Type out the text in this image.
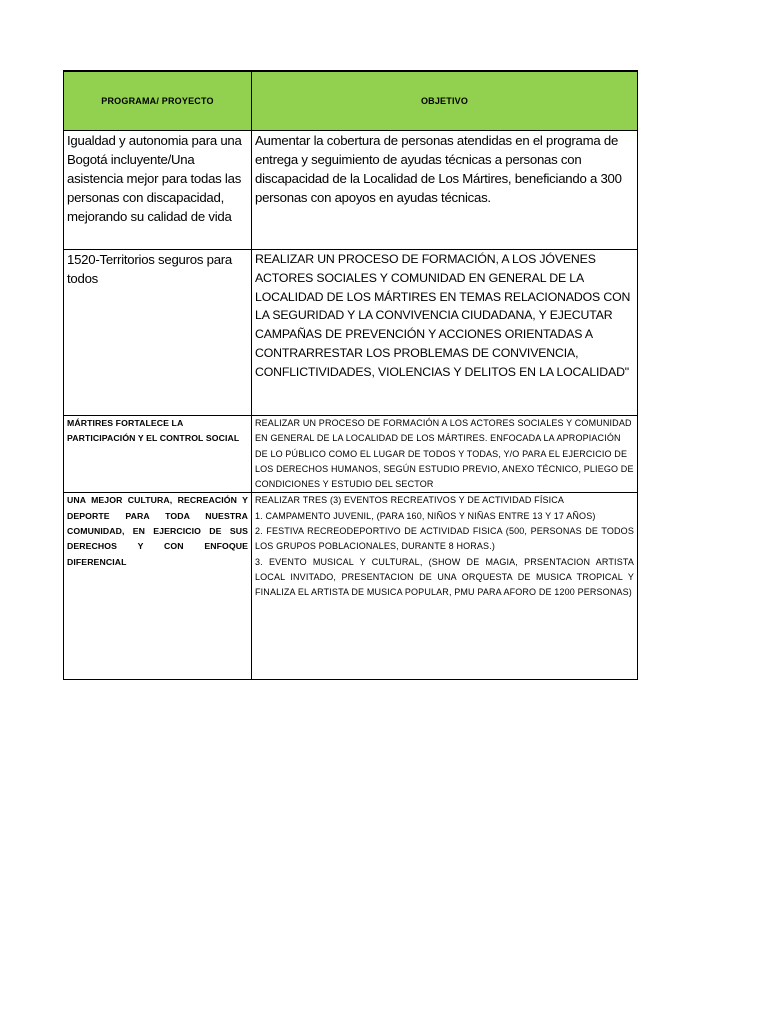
PROGRAMA/ PROYECTO	OBJETIVO
Igualdad y autonomia para una Bogotá incluyente/Una asistencia mejor para todas las personas con discapacidad, mejorando su calidad de vida	Aumentar la cobertura de personas atendidas en el programa de entrega y seguimiento de ayudas técnicas a personas con discapacidad de la Localidad de Los Mártires, beneficiando a 300 personas con apoyos en ayudas técnicas.
1520-Territorios seguros para todos	REALIZAR UN PROCESO DE FORMACIÓN, A LOS JÓVENES ACTORES SOCIALES Y COMUNIDAD EN GENERAL DE LA LOCALIDAD DE LOS MÁRTIRES EN TEMAS RELACIONADOS CON LA SEGURIDAD Y LA CONVIVENCIA CIUDADANA, Y EJECUTAR CAMPAÑAS DE PREVENCIÓN Y ACCIONES ORIENTADAS A CONTRARRESTAR LOS PROBLEMAS DE CONVIVENCIA, CONFLICTIVIDADES, VIOLENCIAS Y DELITOS EN LA LOCALIDAD"
MÁRTIRES FORTALECE LA PARTICIPACIÓN Y EL CONTROL SOCIAL	REALIZAR UN PROCESO DE FORMACIÓN A LOS ACTORES SOCIALES Y COMUNIDAD EN GENERAL DE LA LOCALIDAD DE LOS MÁRTIRES. ENFOCADA LA APROPIACIÓN DE LO PÚBLICO COMO EL LUGAR DE TODOS Y TODAS, Y/O PARA EL EJERCICIO DE LOS DERECHOS HUMANOS, SEGÚN ESTUDIO PREVIO, ANEXO TÉCNICO, PLIEGO DE CONDICIONES Y ESTUDIO DEL SECTOR
UNA MEJOR CULTURA, RECREACIÓN Y DEPORTE PARA TODA NUESTRA COMUNIDAD, EN EJERCICIO DE SUS DERECHOS Y CON ENFOQUE DIFERENCIAL	REALIZAR TRES (3) EVENTOS RECREATIVOS Y DE ACTIVIDAD FÍSICA
1. CAMPAMENTO JUVENIL, (PARA 160, NIÑOS Y NIÑAS ENTRE 13 Y 17 AÑOS)
2. FESTIVA RECREODEPORTIVO DE ACTIVIDAD FISICA (500, PERSONAS DE TODOS LOS GRUPOS POBLACIONALES, DURANTE 8 HORAS.)
3. EVENTO MUSICAL Y CULTURAL, (SHOW DE MAGIA, PRSENTACION ARTISTA LOCAL INVITADO, PRESENTACION DE UNA ORQUESTA DE MUSICA TROPICAL Y FINALIZA EL ARTISTA DE MUSICA POPULAR, PMU PARA AFORO DE 1200 PERSONAS)
